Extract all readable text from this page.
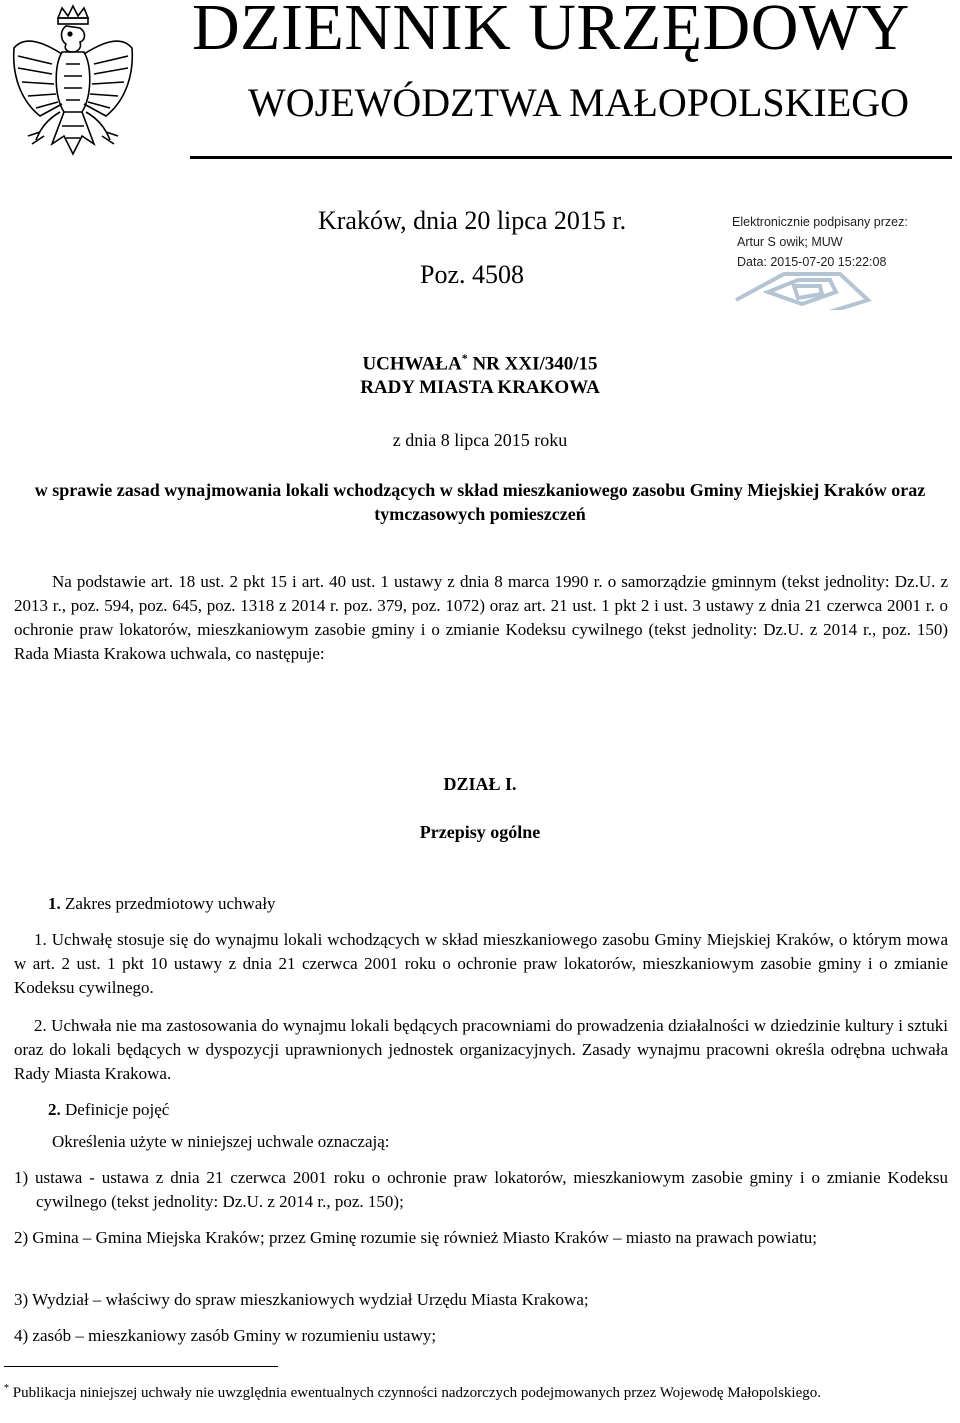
DZIENNIK URZĘDOWY
WOJEWÓDZTWA MAŁOPOLSKIEGO
Kraków, dnia 20 lipca 2015 r.
Poz. 4508
Elektronicznie podpisany przez:
Artur S owik; MUW
Data: 2015-07-20 15:22:08
UCHWAŁA* NR XXI/340/15
RADY MIASTA KRAKOWA
z dnia 8 lipca 2015 roku
w sprawie zasad wynajmowania lokali wchodzących w skład mieszkaniowego zasobu Gminy Miejskiej Kraków oraz tymczasowych pomieszczeń
Na podstawie art. 18 ust. 2 pkt 15 i art. 40 ust. 1 ustawy z dnia 8 marca 1990 r. o samorządzie gminnym (tekst jednolity: Dz.U. z 2013 r., poz. 594, poz. 645, poz. 1318 z 2014 r. poz. 379, poz. 1072) oraz art. 21 ust. 1 pkt 2 i ust. 3 ustawy z dnia 21 czerwca 2001 r. o ochronie praw lokatorów, mieszkaniowym zasobie gminy i o zmianie Kodeksu cywilnego (tekst jednolity: Dz.U. z 2014 r., poz. 150) Rada Miasta Krakowa uchwala, co następuje:
DZIAŁ I.
Przepisy ogólne
1. Zakres przedmiotowy uchwały
1. Uchwałę stosuje się do wynajmu lokali wchodzących w skład mieszkaniowego zasobu Gminy Miejskiej Kraków, o którym mowa w art. 2 ust. 1 pkt 10 ustawy z dnia 21 czerwca 2001 roku o ochronie praw lokatorów, mieszkaniowym zasobie gminy i o zmianie Kodeksu cywilnego.
2. Uchwała nie ma zastosowania do wynajmu lokali będących pracowniami do prowadzenia działalności w dziedzinie kultury i sztuki oraz do lokali będących w dyspozycji uprawnionych jednostek organizacyjnych. Zasady wynajmu pracowni określa odrębna uchwała Rady Miasta Krakowa.
2. Definicje pojęć
Określenia użyte w niniejszej uchwale oznaczają:
1) ustawa - ustawa z dnia 21 czerwca 2001 roku o ochronie praw lokatorów, mieszkaniowym zasobie gminy i o zmianie Kodeksu cywilnego (tekst jednolity: Dz.U. z 2014 r., poz. 150);
2) Gmina – Gmina Miejska Kraków; przez Gminę rozumie się również Miasto Kraków – miasto na prawach powiatu;
3) Wydział – właściwy do spraw mieszkaniowych wydział Urzędu Miasta Krakowa;
4) zasób – mieszkaniowy zasób Gminy w rozumieniu ustawy;
* Publikacja niniejszej uchwały nie uwzględnia ewentualnych czynności nadzorczych podejmowanych przez Wojewodę Małopolskiego.
